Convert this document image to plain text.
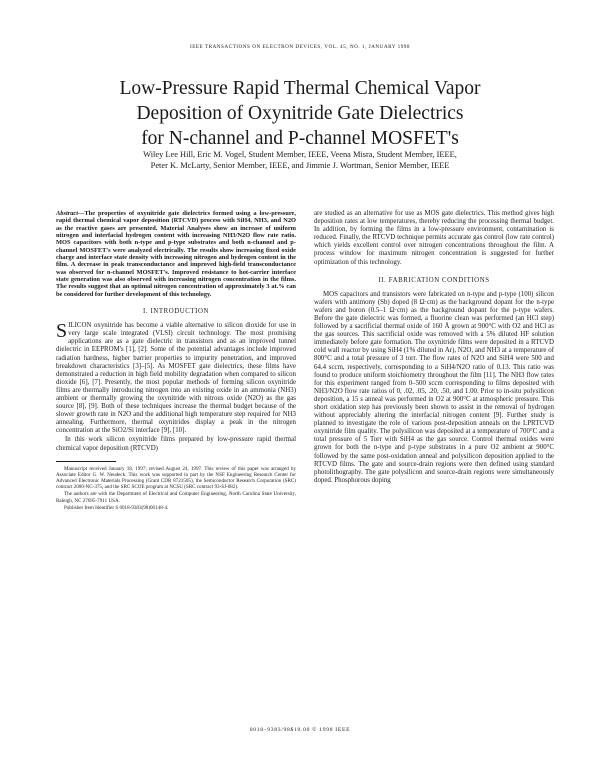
IEEE TRANSACTIONS ON ELECTRON DEVICES, VOL. 45, NO. 1, JANUARY 1998
Low-Pressure Rapid Thermal Chemical Vapor
Deposition of Oxynitride Gate Dielectrics
for N-channel and P-channel MOSFET's
Wiley Lee Hill, Eric M. Vogel, Student Member, IEEE, Veena Misra, Student Member, IEEE,
Peter K. McLarty, Senior Member, IEEE, and Jimmie J. Wortman, Senior Member, IEEE

Abstract—The properties of oxynitride gate dielectrics formed using a low-pressure, rapid thermal chemical vapor deposition (RTCVD) process with SiH4, NH3, and N2O as the reactive gases are presented. Material Analyses show an increase of uniform nitrogen and interfacial hydrogen content with increasing NH3/N2O flow rate ratio. MOS capacitors with both n-type and p-type substrates and both n-channel and p-channel MOSFET's were analyzed electrically. The results show increasing fixed oxide charge and interface state density with increasing nitrogen and hydrogen content in the film. A decrease in peak transconductance and improved high-field transconductance was observed for n-channel MOSFET's. Improved resistance to hot-carrier interface state generation was also observed with increasing nitrogen concentration in the films. The results suggest that an optimal nitrogen concentration of approximately 3 at.% can be considered for further development of this technology.

I. INTRODUCTION

SILICON oxynitride has become a viable alternative to silicon dioxide for use in very large scale integrated (VLSI) circuit technology. The most promising applications are as a gate dielectric in transistors and as an improved tunnel dielectric in EEPROM's [1], [2]. Some of the potential advantages include improved radiation hardness, higher barrier properties to impurity penetration, and improved breakdown characteristics [3]–[5]. As MOSFET gate dielectrics, these films have demonstrated a reduction in high field mobility degradation when compared to silicon dioxide [6], [7]. Presently, the most popular methods of forming silicon oxynitride films are thermally introducing nitrogen into an existing oxide in an ammonia (NH3) ambient or thermally growing the oxynitride with nitrous oxide (N2O) as the gas source [8], [9]. Both of these techniques increase the thermal budget because of the slower growth rate in N2O and the additional high temperature step required for NH3 annealing. Furthermore, thermal oxynitrides display a peak in the nitrogen concentration at the SiO2/Si interface [9], [10].

In this work silicon oxynitride films prepared by low-pressure rapid thermal chemical vapor deposition (RTCVD)

Manuscript received January 18, 1997; revised August 24, 1997. This review of this paper was arranged by Associate Editor G. W. Neudeck. This work was supported in part by the NSF Engineering Research Center for Advanced Electronic Materials Processing (Grant CDR 8721505), the Semiconductor Research Corporation (SRC) contract 2000-NC-375, and the SRC SCOE program at NCSU (SRC contract 93-SJ-082).

The authors are with the Department of Electrical and Computer Engineering, North Carolina State University, Raleigh, NC 27695-7911 USA.

Publisher Item Identifier S 0018-9383(98)00148-4.

are studied as an alternative for use as MOS gate dielectrics. This method gives high deposition rates at low temperatures, thereby reducing the processing thermal budget. In addition, by forming the films in a low-pressure environment, contamination is reduced. Finally, the RTCVD technique permits accurate gas control (low rate control) which yields excellent control over nitrogen concentrations throughout the film. A process window for maximum nitrogen concentration is suggested for further optimization of this technology.

II. FABRICATION CONDITIONS

MOS capacitors and transistors were fabricated on n-type and p-type (100) silicon wafers with antimony (Sb) doped (8 Ω·cm) as the background dopant for the n-type wafers and boron (0.5–1 Ω·cm) as the background dopant for the p-type wafers. Before the gate dielectric was formed, a fluorine clean was performed (an HCl step) followed by a sacrificial thermal oxide of 160 Å grown at 900°C with O2 and HCl as the gas sources. This sacrificial oxide was removed with a 5% diluted HF solution immediately before gate formation. The oxynitride films were deposited in a RTCVD cold wall reactor by using SiH4 (1% diluted in Ar), N2O, and NH3 at a temperature of 800°C and a total pressure of 3 torr. The flow rates of N2O and SiH4 were 500 and 64.4 sccm, respectively, corresponding to a SiH4/N2O ratio of 0.13. This ratio was found to produce uniform stoichiometry throughout the film [11]. The NH3 flow rates for this experiment ranged from 0–500 sccm corresponding to films deposited with NH3/N2O flow rate ratios of 0, .02, .05, .20, .50, and 1.00. Prior to in-situ polysilicon deposition, a 15 s anneal was performed in O2 at 900°C at atmospheric pressure. This short oxidation step has previously been shown to assist in the removal of hydrogen without appreciably altering the interfacial nitrogen content [9]. Further study is planned to investigate the role of various post-deposition anneals on the LPRTCVD oxynitride film quality. The polysilicon was deposited at a temperature of 700°C and a total pressure of 5 Torr with SiH4 as the gas source. Control thermal oxides were grown for both the n-type and p-type substrates in a pure O2 ambient at 900°C followed by the same post-oxidation anneal and polysilicon deposition applied to the RTCVD films. The gate and source-drain regions were then defined using standard photolithography. The gate polysilicon and source-drain regions were simultaneously doped. Phosphorous doping

0018–9383/98$10.00 © 1998 IEEE
